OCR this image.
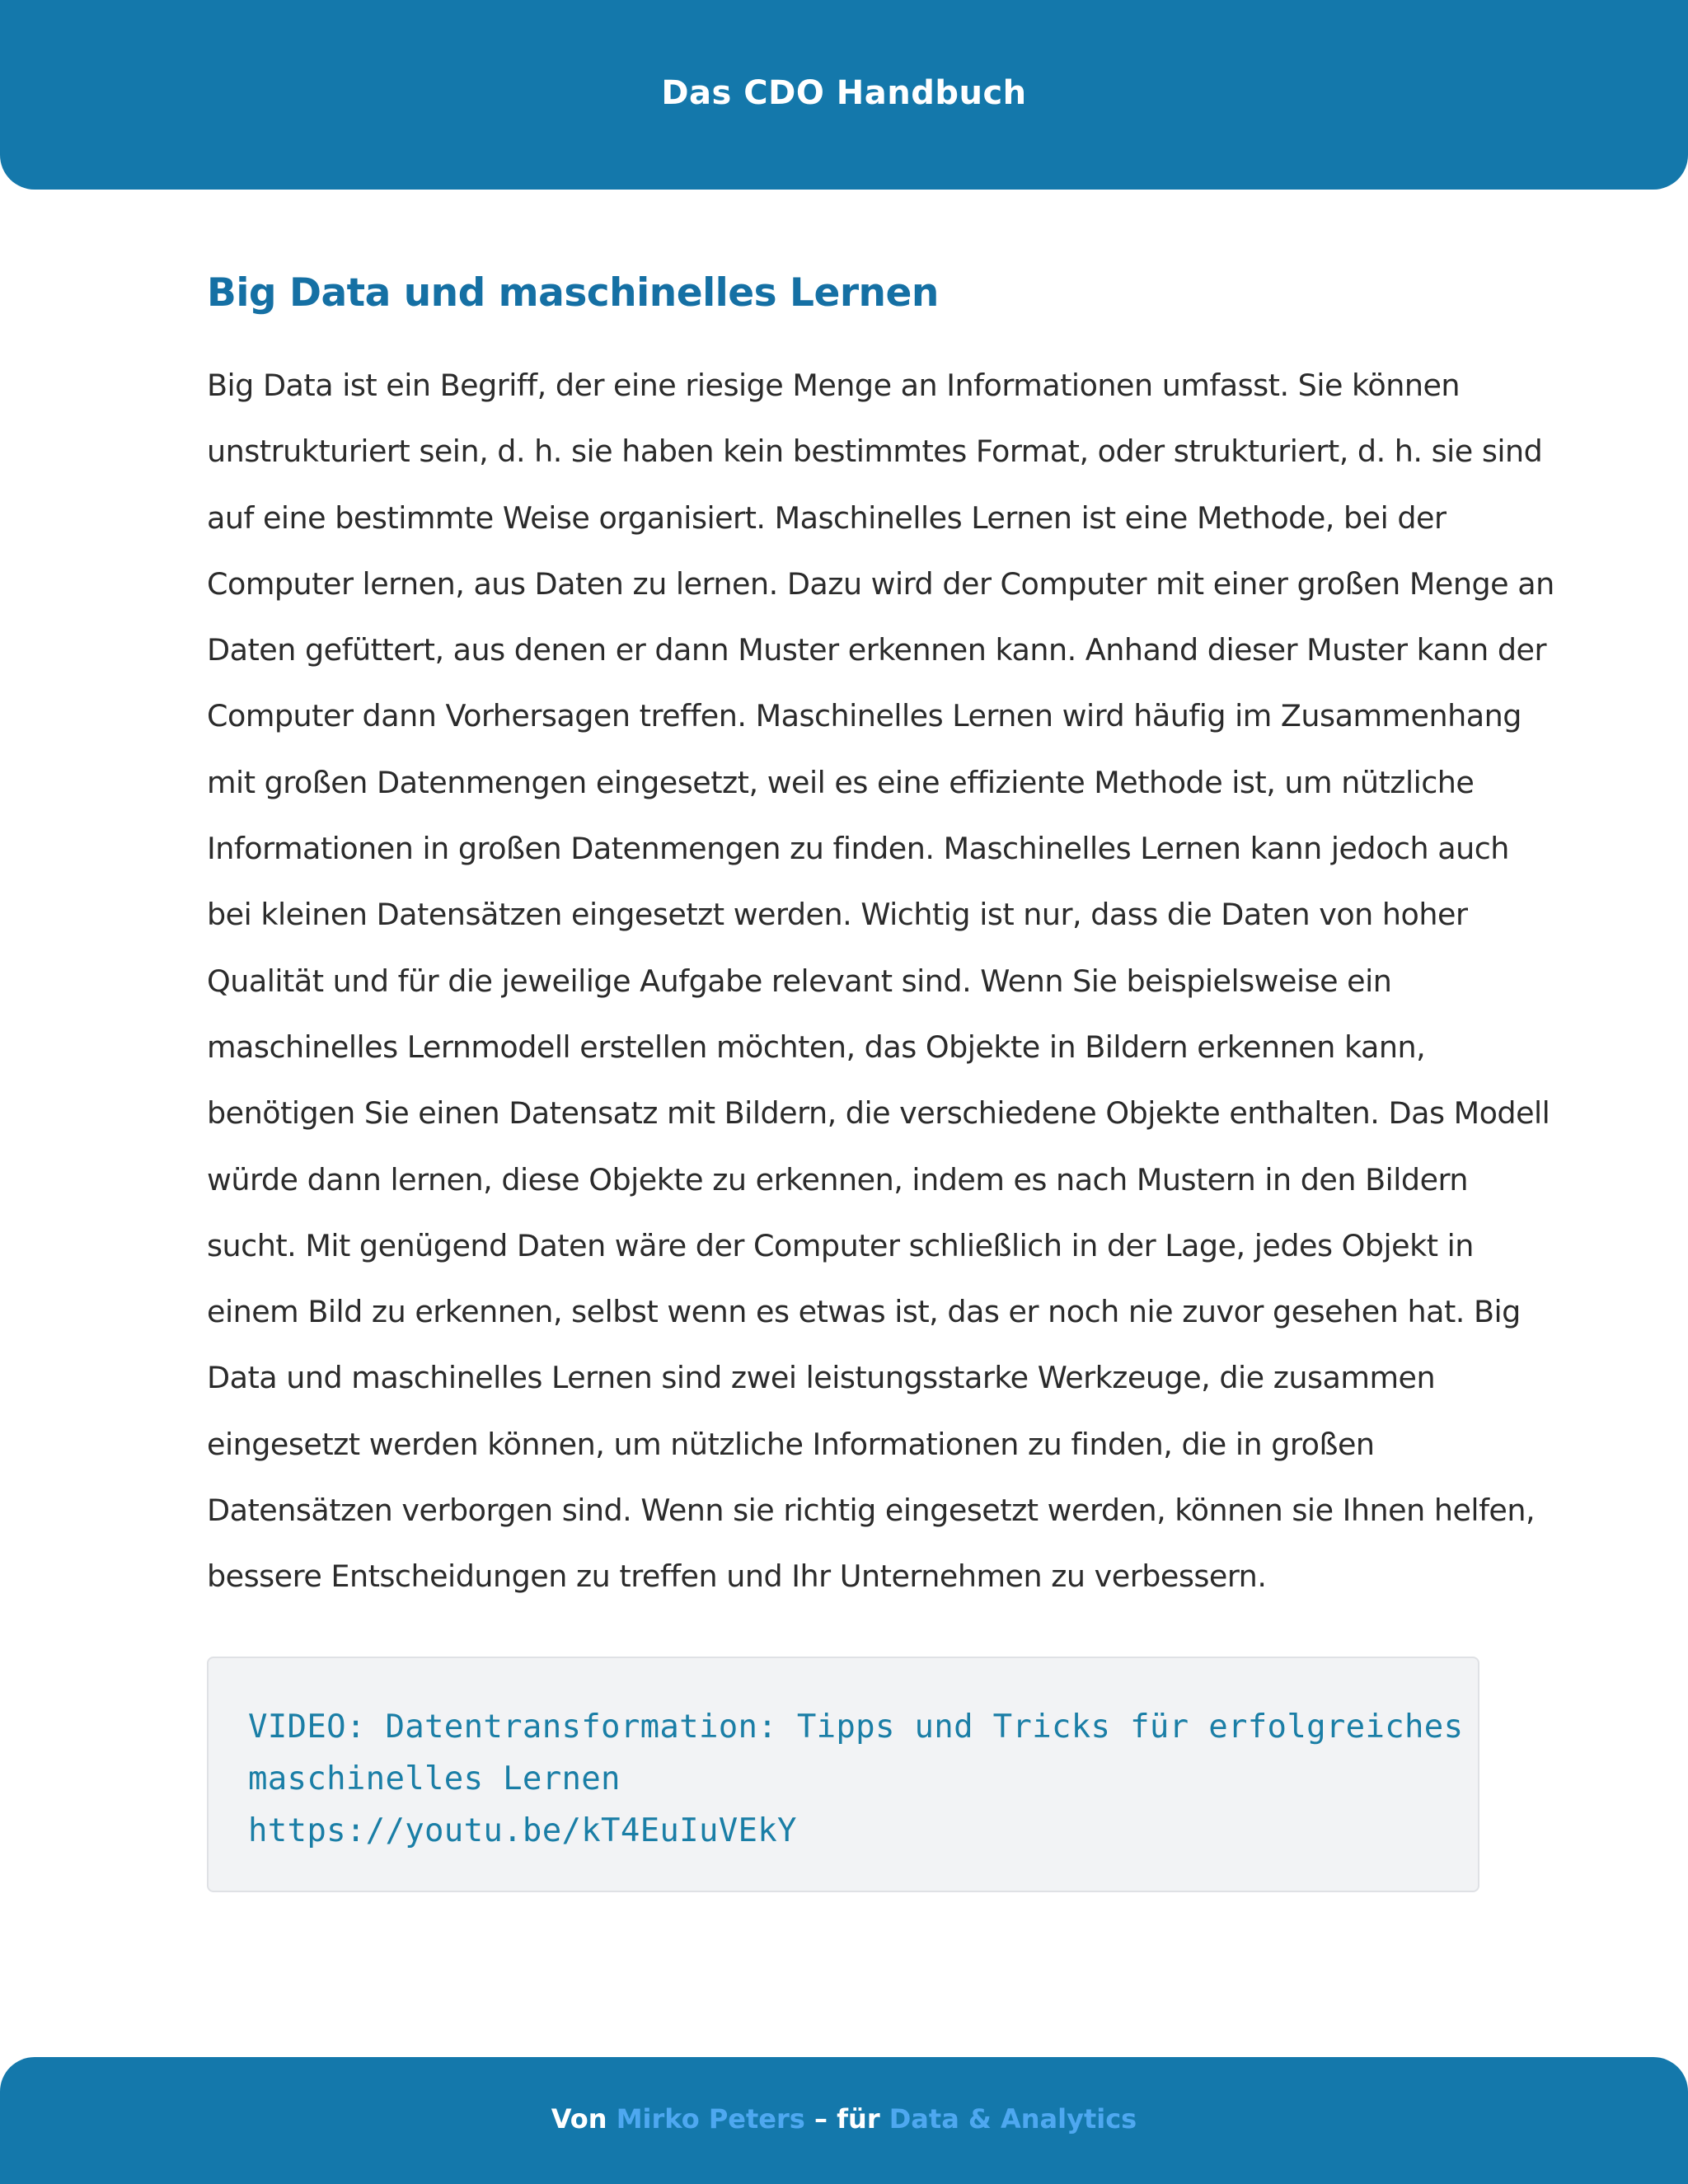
Das CDO Handbuch
Big Data und maschinelles Lernen
Big Data ist ein Begriff, der eine riesige Menge an Informationen umfasst. Sie können
unstrukturiert sein, d. h. sie haben kein bestimmtes Format, oder strukturiert, d. h. sie sind
auf eine bestimmte Weise organisiert. Maschinelles Lernen ist eine Methode, bei der
Computer lernen, aus Daten zu lernen. Dazu wird der Computer mit einer großen Menge an
Daten gefüttert, aus denen er dann Muster erkennen kann. Anhand dieser Muster kann der
Computer dann Vorhersagen treffen. Maschinelles Lernen wird häufig im Zusammenhang
mit großen Datenmengen eingesetzt, weil es eine effiziente Methode ist, um nützliche
Informationen in großen Datenmengen zu finden. Maschinelles Lernen kann jedoch auch
bei kleinen Datensätzen eingesetzt werden. Wichtig ist nur, dass die Daten von hoher
Qualität und für die jeweilige Aufgabe relevant sind. Wenn Sie beispielsweise ein
maschinelles Lernmodell erstellen möchten, das Objekte in Bildern erkennen kann,
benötigen Sie einen Datensatz mit Bildern, die verschiedene Objekte enthalten. Das Modell
würde dann lernen, diese Objekte zu erkennen, indem es nach Mustern in den Bildern
sucht. Mit genügend Daten wäre der Computer schließlich in der Lage, jedes Objekt in
einem Bild zu erkennen, selbst wenn es etwas ist, das er noch nie zuvor gesehen hat. Big
Data und maschinelles Lernen sind zwei leistungsstarke Werkzeuge, die zusammen
eingesetzt werden können, um nützliche Informationen zu finden, die in großen
Datensätzen verborgen sind. Wenn sie richtig eingesetzt werden, können sie Ihnen helfen,
bessere Entscheidungen zu treffen und Ihr Unternehmen zu verbessern.
VIDEO: Datentransformation: Tipps und Tricks für erfolgreiches
maschinelles Lernen
https://youtu.be/kT4EuIuVEkY
Von Mirko Peters – für Data & Analytics
